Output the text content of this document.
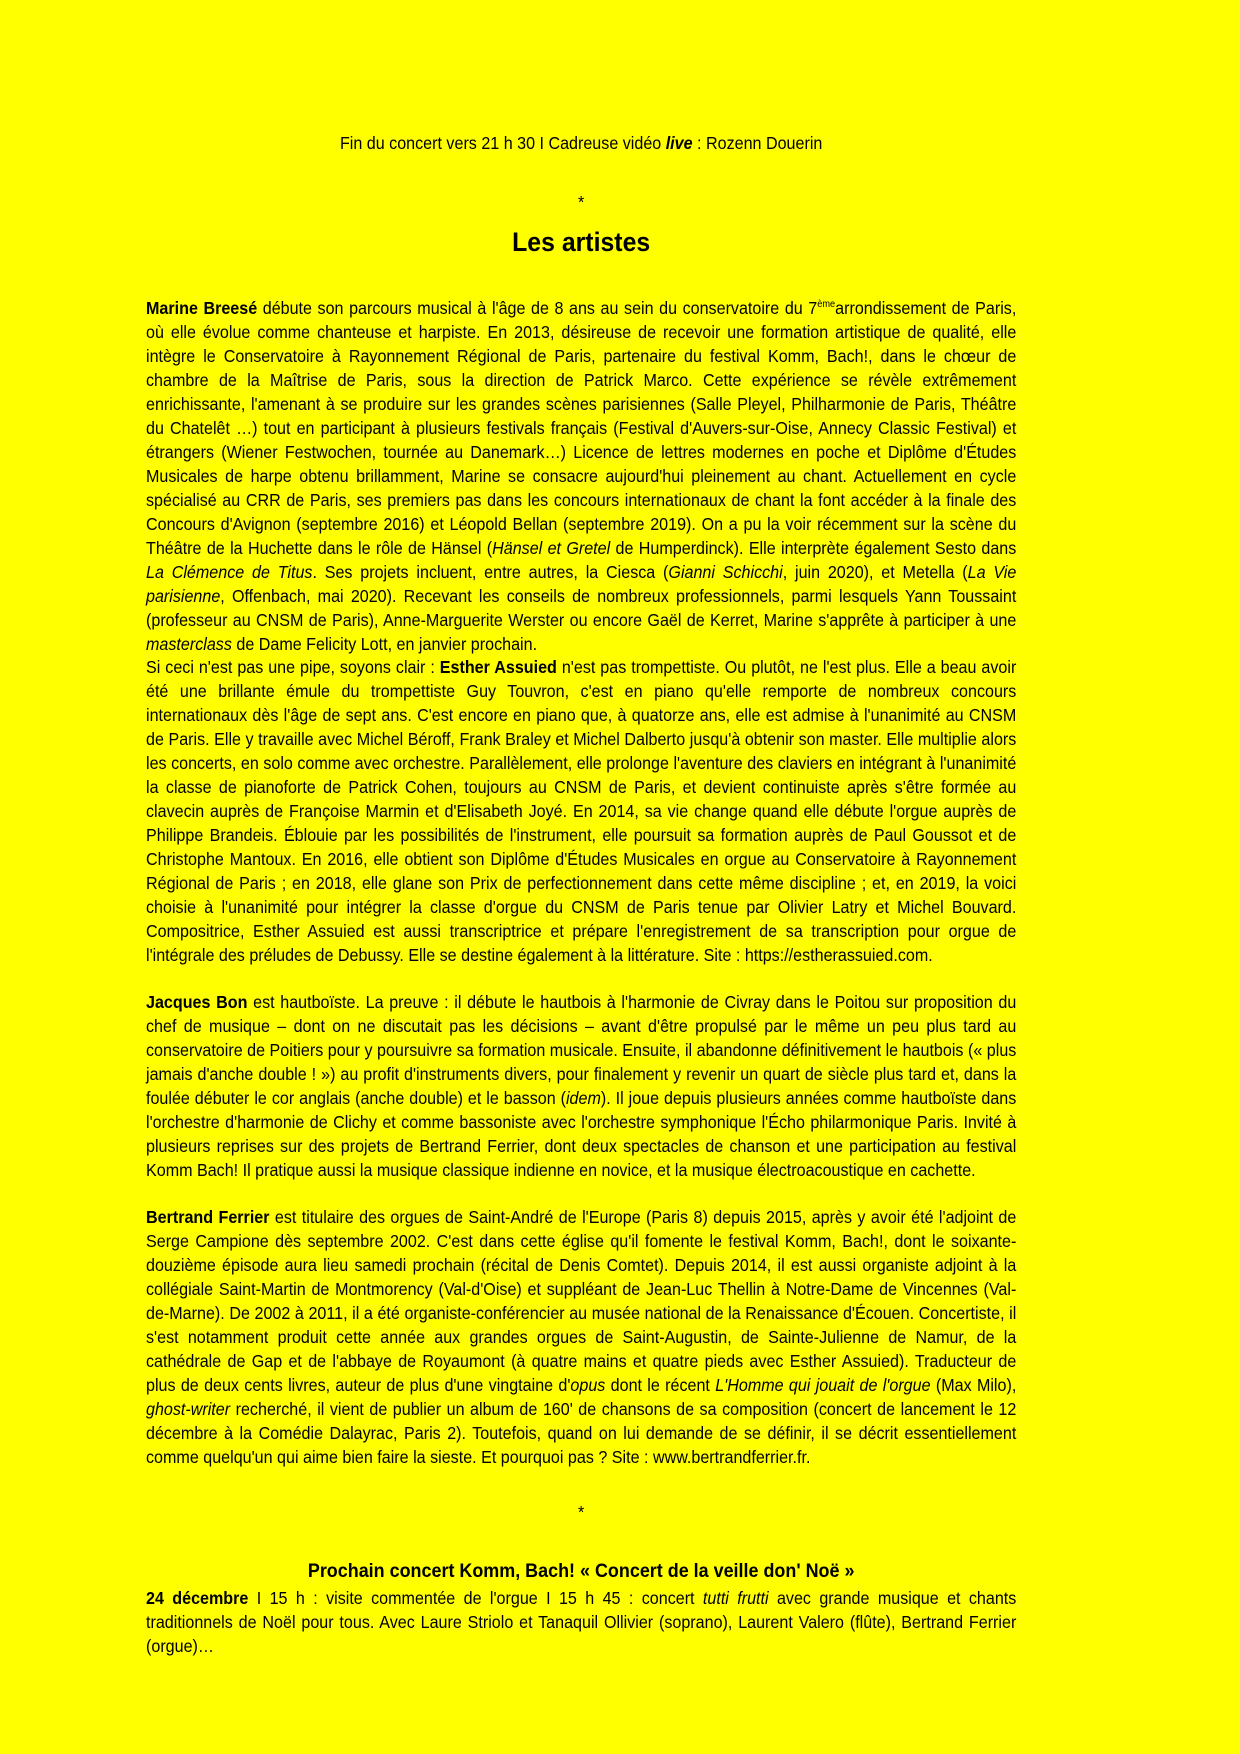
Fin du concert vers 21 h 30 I Cadreuse vidéo live : Rozenn Douerin
*
Les artistes
Marine Breesé débute son parcours musical à l'âge de 8 ans au sein du conservatoire du 7èmearrondissement de Paris, où elle évolue comme chanteuse et harpiste. En 2013, désireuse de recevoir une formation artistique de qualité, elle intègre le Conservatoire à Rayonnement Régional de Paris, partenaire du festival Komm, Bach!, dans le chœur de chambre de la Maîtrise de Paris, sous la direction de Patrick Marco. Cette expérience se révèle extrêmement enrichissante, l'amenant à se produire sur les grandes scènes parisiennes (Salle Pleyel, Philharmonie de Paris, Théâtre du Chatelêt …) tout en participant à plusieurs festivals français (Festival d'Auvers-sur-Oise, Annecy Classic Festival) et étrangers (Wiener Festwochen, tournée au Danemark…) Licence de lettres modernes en poche et Diplôme d'Études Musicales de harpe obtenu brillamment, Marine se consacre aujourd'hui pleinement au chant. Actuellement en cycle spécialisé au CRR de Paris, ses premiers pas dans les concours internationaux de chant la font accéder à la finale des Concours d'Avignon (septembre 2016) et Léopold Bellan (septembre 2019). On a pu la voir récemment sur la scène du Théâtre de la Huchette dans le rôle de Hänsel (Hänsel et Gretel de Humperdinck). Elle interprète également Sesto dans La Clémence de Titus. Ses projets incluent, entre autres, la Ciesca (Gianni Schicchi, juin 2020), et Metella (La Vie parisienne, Offenbach, mai 2020). Recevant les conseils de nombreux professionnels, parmi lesquels Yann Toussaint (professeur au CNSM de Paris), Anne-Marguerite Werster ou encore Gaël de Kerret, Marine s'apprête à participer à une masterclass de Dame Felicity Lott, en janvier prochain.
Si ceci n'est pas une pipe, soyons clair : Esther Assuied n'est pas trompettiste. Ou plutôt, ne l'est plus. Elle a beau avoir été une brillante émule du trompettiste Guy Touvron, c'est en piano qu'elle remporte de nombreux concours internationaux dès l'âge de sept ans. C'est encore en piano que, à quatorze ans, elle est admise à l'unanimité au CNSM de Paris. Elle y travaille avec Michel Béroff, Frank Braley et Michel Dalberto jusqu'à obtenir son master. Elle multiplie alors les concerts, en solo comme avec orchestre. Parallèlement, elle prolonge l'aventure des claviers en intégrant à l'unanimité la classe de pianoforte de Patrick Cohen, toujours au CNSM de Paris, et devient continuiste après s'être formée au clavecin auprès de Françoise Marmin et d'Elisabeth Joyé. En 2014, sa vie change quand elle débute l'orgue auprès de Philippe Brandeis. Éblouie par les possibilités de l'instrument, elle poursuit sa formation auprès de Paul Goussot et de Christophe Mantoux. En 2016, elle obtient son Diplôme d'Études Musicales en orgue au Conservatoire à Rayonnement Régional de Paris ; en 2018, elle glane son Prix de perfectionnement dans cette même discipline ; et, en 2019, la voici choisie à l'unanimité pour intégrer la classe d'orgue du CNSM de Paris tenue par Olivier Latry et Michel Bouvard. Compositrice, Esther Assuied est aussi transcriptrice et prépare l'enregistrement de sa transcription pour orgue de l'intégrale des préludes de Debussy. Elle se destine également à la littérature. Site : https://estherassuied.com.
Jacques Bon est hautboïste. La preuve : il débute le hautbois à l'harmonie de Civray dans le Poitou sur proposition du chef de musique – dont on ne discutait pas les décisions – avant d'être propulsé par le même un peu plus tard au conservatoire de Poitiers pour y poursuivre sa formation musicale. Ensuite, il abandonne définitivement le hautbois (« plus jamais d'anche double ! ») au profit d'instruments divers, pour finalement y revenir un quart de siècle plus tard et, dans la foulée débuter le cor anglais (anche double) et le basson (idem). Il joue depuis plusieurs années comme hautboïste dans l'orchestre d'harmonie de Clichy et comme bassoniste avec l'orchestre symphonique l'Écho philarmonique Paris. Invité à plusieurs reprises sur des projets de Bertrand Ferrier, dont deux spectacles de chanson et une participation au festival Komm Bach! Il pratique aussi la musique classique indienne en novice, et la musique électroacoustique en cachette.
Bertrand Ferrier est titulaire des orgues de Saint-André de l'Europe (Paris 8) depuis 2015, après y avoir été l'adjoint de Serge Campione dès septembre 2002. C'est dans cette église qu'il fomente le festival Komm, Bach!, dont le soixante-douzième épisode aura lieu samedi prochain (récital de Denis Comtet). Depuis 2014, il est aussi organiste adjoint à la collégiale Saint-Martin de Montmorency (Val-d'Oise) et suppléant de Jean-Luc Thellin à Notre-Dame de Vincennes (Val-de-Marne). De 2002 à 2011, il a été organiste-conférencier au musée national de la Renaissance d'Écouen. Concertiste, il s'est notamment produit cette année aux grandes orgues de Saint-Augustin, de Sainte-Julienne de Namur, de la cathédrale de Gap et de l'abbaye de Royaumont (à quatre mains et quatre pieds avec Esther Assuied). Traducteur de plus de deux cents livres, auteur de plus d'une vingtaine d'opus dont le récent L'Homme qui jouait de l'orgue (Max Milo), ghost-writer recherché, il vient de publier un album de 160' de chansons de sa composition (concert de lancement le 12 décembre à la Comédie Dalayrac, Paris 2). Toutefois, quand on lui demande de se définir, il se décrit essentiellement comme quelqu'un qui aime bien faire la sieste. Et pourquoi pas ? Site : www.bertrandferrier.fr.
*
Prochain concert Komm, Bach! « Concert de la veille don' Noë »
24 décembre I 15 h : visite commentée de l'orgue I 15 h 45 : concert tutti frutti avec grande musique et chants traditionnels de Noël pour tous. Avec Laure Striolo et Tanaquil Ollivier (soprano), Laurent Valero (flûte), Bertrand Ferrier (orgue)…
